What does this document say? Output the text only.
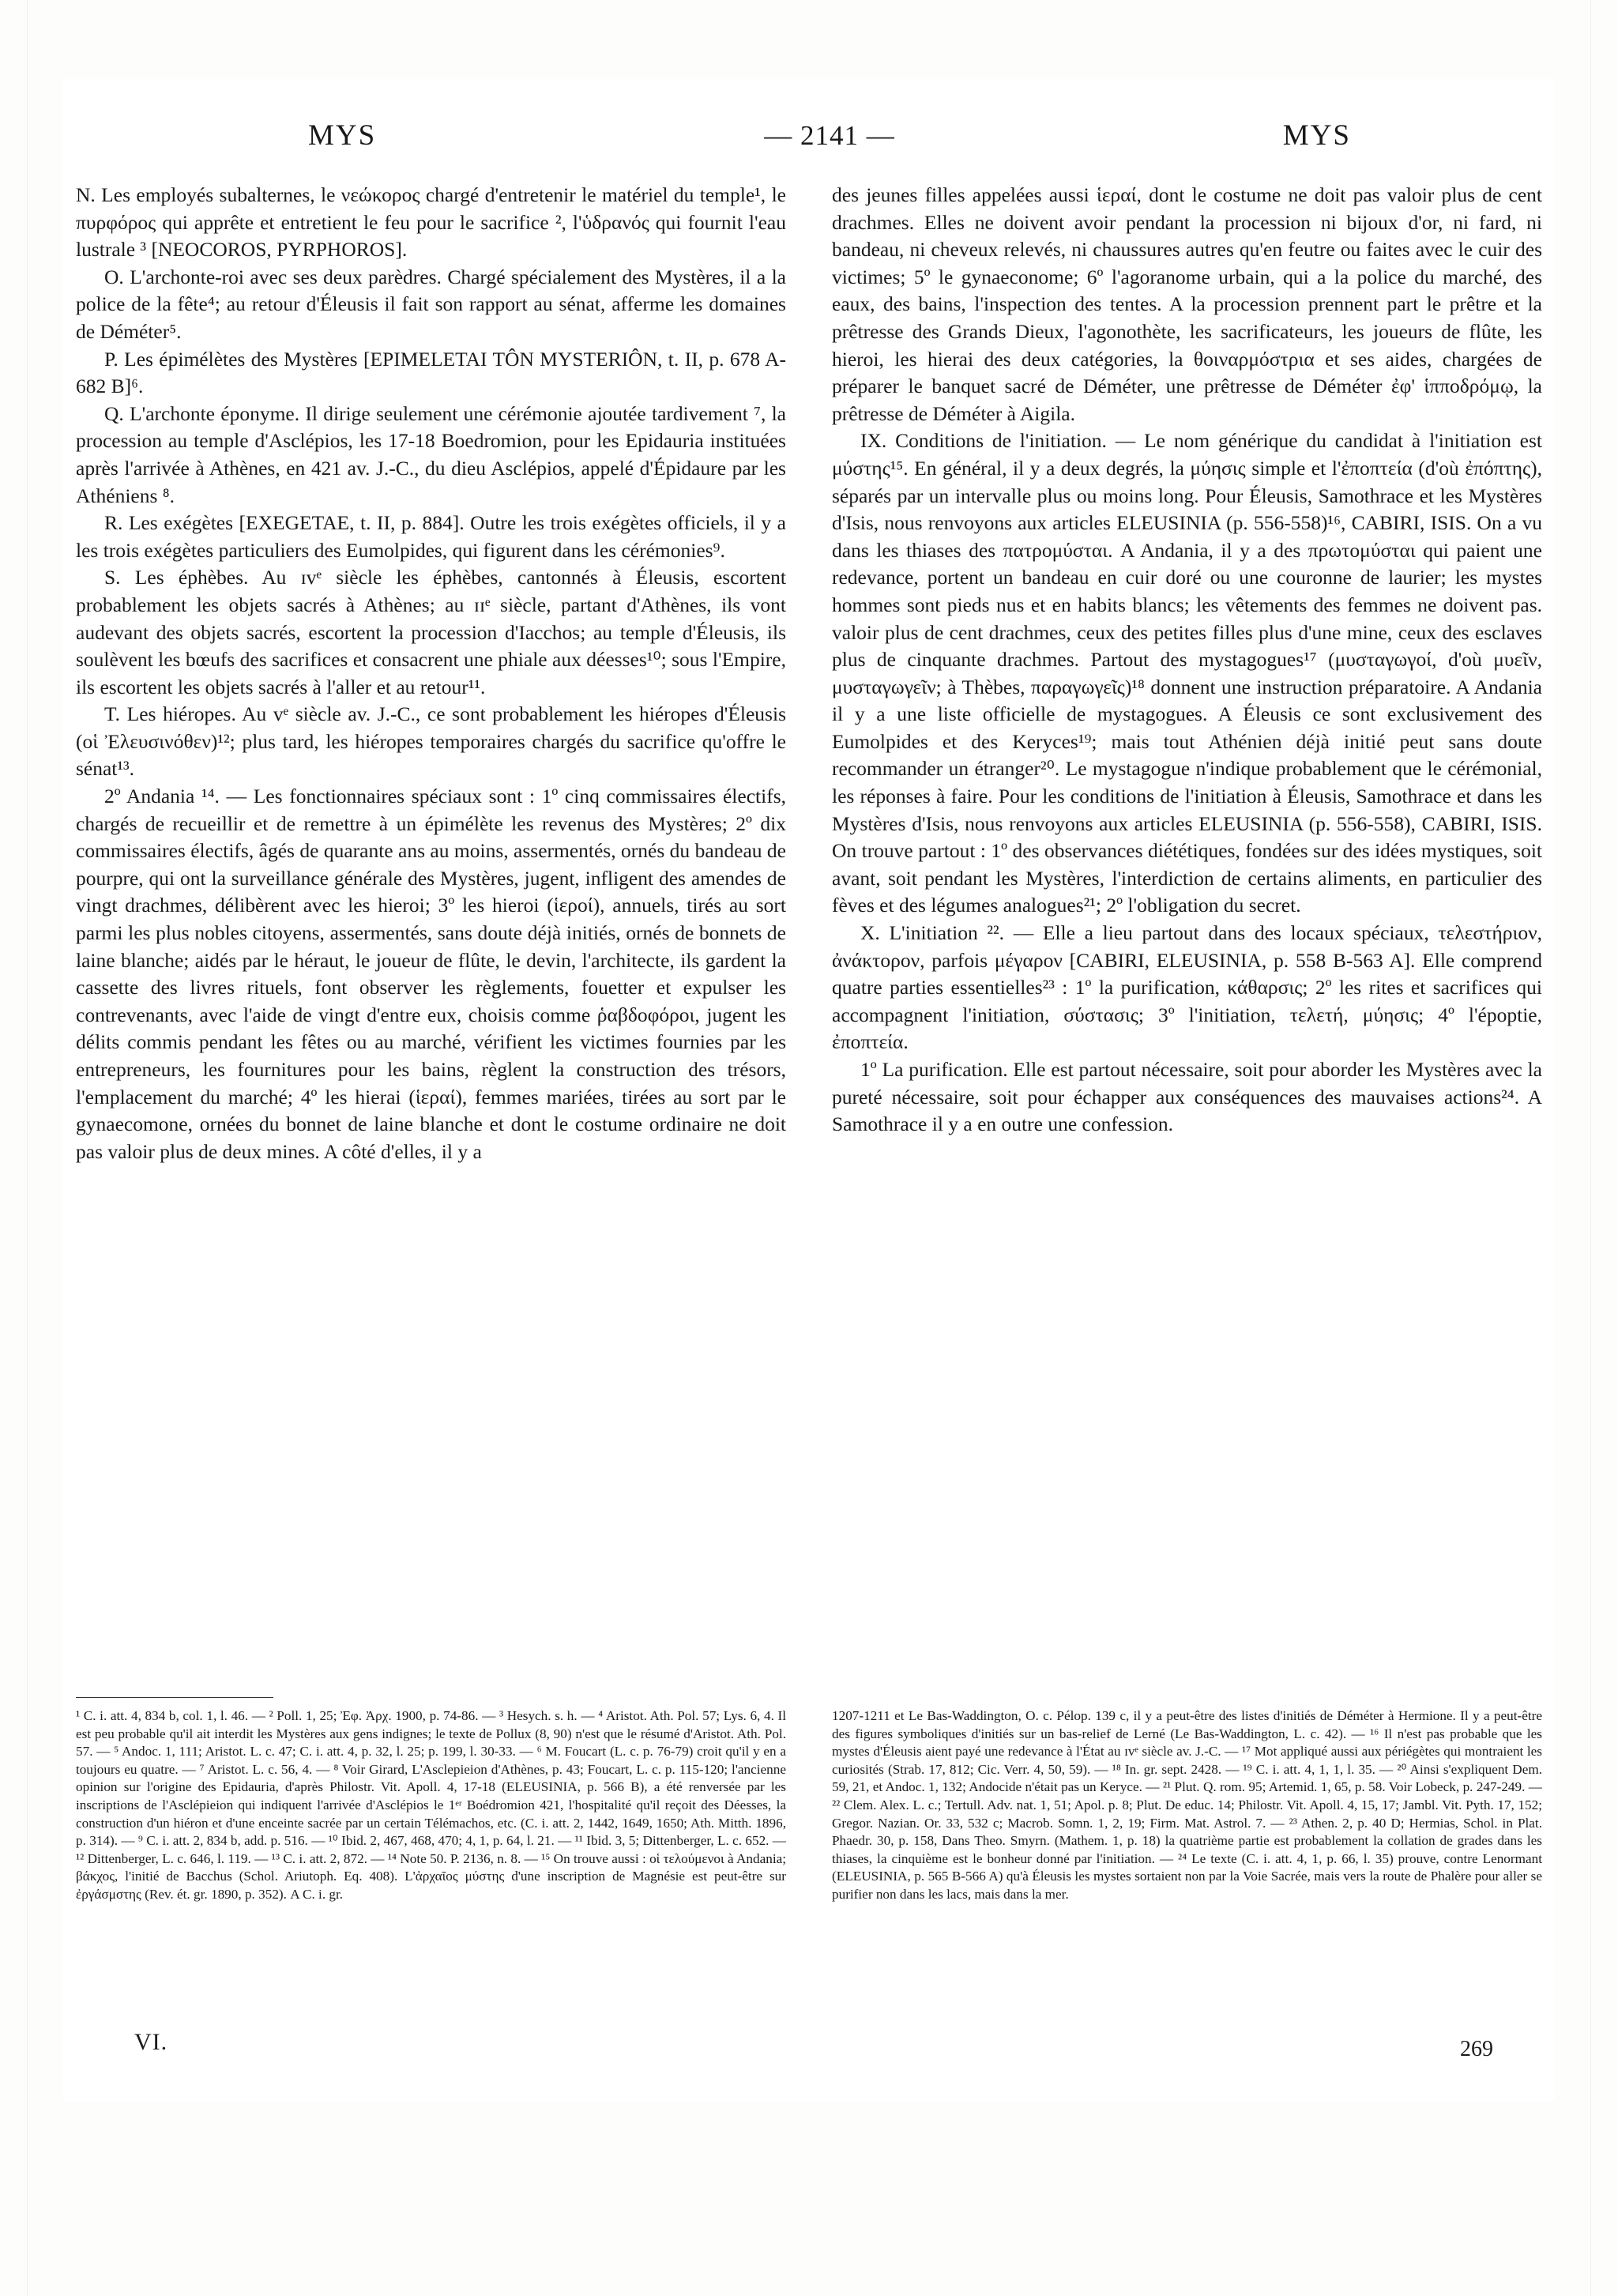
MYS	— 2141 —	MYS

N. Les employés subalternes, le νεώκορος chargé d'entretenir le matériel du temple¹, le πυρφόρος qui apprête et entretient le feu pour le sacrifice ², l'ὑδρανός qui fournit l'eau lustrale ³ [NEOCOROS, PYRPHOROS].

O. L'archonte-roi avec ses deux parèdres. Chargé spécialement des Mystères, il a la police de la fête⁴; au retour d'Éleusis il fait son rapport au sénat, afferme les domaines de Déméter⁵.

P. Les épimélètes des Mystères [EPIMELETAI TÔN MYSTERIÔN, t. II, p. 678 A-682 B]⁶.

Q. L'archonte éponyme. Il dirige seulement une cérémonie ajoutée tardivement ⁷, la procession au temple d'Asclépios, les 17-18 Boedromion, pour les Epidauria instituées après l'arrivée à Athènes, en 421 av. J.-C., du dieu Asclépios, appelé d'Épidaure par les Athéniens ⁸.

R. Les exégètes [EXEGETAE, t. II, p. 884]. Outre les trois exégètes officiels, il y a les trois exégètes particuliers des Eumolpides, qui figurent dans les cérémonies⁹.

S. Les éphèbes. Au ɪᴠᵉ siècle les éphèbes, cantonnés à Éleusis, escortent probablement les objets sacrés à Athènes; au ɪɪᵉ siècle, partant d'Athènes, ils vont audevant des objets sacrés, escortent la procession d'Iacchos; au temple d'Éleusis, ils soulèvent les bœufs des sacrifices et consacrent une phiale aux déesses¹⁰; sous l'Empire, ils escortent les objets sacrés à l'aller et au retour¹¹.

T. Les hiéropes. Au ᴠᵉ siècle av. J.-C., ce sont probablement les hiéropes d'Éleusis (οἱ Ἐλευσινόθεν)¹²; plus tard, les hiéropes temporaires chargés du sacrifice qu'offre le sénat¹³.

2º Andania ¹⁴. — Les fonctionnaires spéciaux sont : 1º cinq commissaires électifs, chargés de recueillir et de remettre à un épimélète les revenus des Mystères; 2º dix commissaires électifs, âgés de quarante ans au moins, assermentés, ornés du bandeau de pourpre, qui ont la surveillance générale des Mystères, jugent, infligent des amendes de vingt drachmes, délibèrent avec les hieroi; 3º les hieroi (ἱεροί), annuels, tirés au sort parmi les plus nobles citoyens, assermentés, sans doute déjà initiés, ornés de bonnets de laine blanche; aidés par le héraut, le joueur de flûte, le devin, l'architecte, ils gardent la cassette des livres rituels, font observer les règlements, fouetter et expulser les contrevenants, avec l'aide de vingt d'entre eux, choisis comme ῥαβδοφόροι, jugent les délits commis pendant les fêtes ou au marché, vérifient les victimes fournies par les entrepreneurs, les fournitures pour les bains, règlent la construction des trésors, l'emplacement du marché; 4º les hierai (ἱεραί), femmes mariées, tirées au sort par le gynaecomone, ornées du bonnet de laine blanche et dont le costume ordinaire ne doit pas valoir plus de deux mines. A côté d'elles, il y a

des jeunes filles appelées aussi ἱεραί, dont le costume ne doit pas valoir plus de cent drachmes. Elles ne doivent avoir pendant la procession ni bijoux d'or, ni fard, ni bandeau, ni cheveux relevés, ni chaussures autres qu'en feutre ou faites avec le cuir des victimes; 5º le gynaeconome; 6º l'agoranome urbain, qui a la police du marché, des eaux, des bains, l'inspection des tentes. A la procession prennent part le prêtre et la prêtresse des Grands Dieux, l'agonothète, les sacrificateurs, les joueurs de flûte, les hieroi, les hierai des deux catégories, la θοιναρμόστρια et ses aides, chargées de préparer le banquet sacré de Déméter, une prêtresse de Déméter ἐφ' ἱπποδρόμῳ, la prêtresse de Déméter à Aigila.

IX. Conditions de l'initiation. — Le nom générique du candidat à l'initiation est μύστης¹⁵. En général, il y a deux degrés, la μύησις simple et l'ἐποπτεία (d'où ἐπόπτης), séparés par un intervalle plus ou moins long. Pour Éleusis, Samothrace et les Mystères d'Isis, nous renvoyons aux articles ELEUSINIA (p. 556-558)¹⁶, CABIRI, ISIS. On a vu dans les thiases des πατρομύσται. A Andania, il y a des πρωτομύσται qui paient une redevance, portent un bandeau en cuir doré ou une couronne de laurier; les mystes hommes sont pieds nus et en habits blancs; les vêtements des femmes ne doivent pas. valoir plus de cent drachmes, ceux des petites filles plus d'une mine, ceux des esclaves plus de cinquante drachmes. Partout des mystagogues¹⁷ (μυσταγωγοί, d'où μυεῖν, μυσταγωγεῖν; à Thèbes, παραγωγεῖς)¹⁸ donnent une instruction préparatoire. A Andania il y a une liste officielle de mystagogues. A Éleusis ce sont exclusivement des Eumolpides et des Keryces¹⁹; mais tout Athénien déjà initié peut sans doute recommander un étranger²⁰. Le mystagogue n'indique probablement que le cérémonial, les réponses à faire. Pour les conditions de l'initiation à Éleusis, Samothrace et dans les Mystères d'Isis, nous renvoyons aux articles ELEUSINIA (p. 556-558), CABIRI, ISIS. On trouve partout : 1º des observances diététiques, fondées sur des idées mystiques, soit avant, soit pendant les Mystères, l'interdiction de certains aliments, en particulier des fèves et des légumes analogues²¹; 2º l'obligation du secret.

X. L'initiation ²². — Elle a lieu partout dans des locaux spéciaux, τελεστήριον, ἀνάκτορον, parfois μέγαρον [CABIRI, ELEUSINIA, p. 558 B-563 A]. Elle comprend quatre parties essentielles²³ : 1º la purification, κάθαρσις; 2º les rites et sacrifices qui accompagnent l'initiation, σύστασις; 3º l'initiation, τελετή, μύησις; 4º l'époptie, ἐποπτεία.

1º La purification. Elle est partout nécessaire, soit pour aborder les Mystères avec la pureté nécessaire, soit pour échapper aux conséquences des mauvaises actions²⁴. A Samothrace il y a en outre une confession.

¹ C. i. att. 4, 834 b, col. 1, l. 46. — ² Poll. 1, 25; Ἐφ. Ἀρχ. 1900, p. 74-86. — ³ Hesych. s. h. — ⁴ Aristot. Ath. Pol. 57; Lys. 6, 4. Il est peu probable qu'il ait interdit les Mystères aux gens indignes; le texte de Pollux (8, 90) n'est que le résumé d'Aristot. Ath. Pol. 57. — ⁵ Andoc. 1, 111; Aristot. L. c. 47; C. i. att. 4, p. 32, l. 25; p. 199, l. 30-33. — ⁶ M. Foucart (L. c. p. 76-79) croit qu'il y en a toujours eu quatre. — ⁷ Aristot. L. c. 56, 4. — ⁸ Voir Girard, L'Asclepieion d'Athènes, p. 43; Foucart, L. c. p. 115-120; l'ancienne opinion sur l'origine des Epidauria, d'après Philostr. Vit. Apoll. 4, 17-18 (ELEUSINIA, p. 566 B), a été renversée par les inscriptions de l'Asclépieion qui indiquent l'arrivée d'Asclépios le 1ᵉʳ Boédromion 421, l'hospitalité qu'il reçoit des Déesses, la construction d'un hiéron et d'une enceinte sacrée par un certain Télémachos, etc. (C. i. att. 2, 1442, 1649, 1650; Ath. Mitth. 1896, p. 314). — ⁹ C. i. att. 2, 834 b, add. p. 516. — ¹⁰ Ibid. 2, 467, 468, 470; 4, 1, p. 64, l. 21. — ¹¹ Ibid. 3, 5; Dittenberger, L. c. 652. — ¹² Dittenberger, L. c. 646, l. 119. — ¹³ C. i. att. 2, 872. — ¹⁴ Note 50. P. 2136, n. 8. — ¹⁵ On trouve aussi : οἱ τελούμενοι à Andania; βάκχος, l'initié de Bacchus (Schol. Ariutoph. Eq. 408). L'ἀρχαῖος μύστης d'une inscription de Magnésie est peut-être sur ἐργάσμστης (Rev. ét. gr. 1890, p. 352). A C. i. gr.

1207-1211 et Le Bas-Waddington, O. c. Pélop. 139 c, il y a peut-être des listes d'initiés de Déméter à Hermione. Il y a peut-être des figures symboliques d'initiés sur un bas-relief de Lerné (Le Bas-Waddington, L. c. 42). — ¹⁶ Il n'est pas probable que les mystes d'Éleusis aient payé une redevance à l'État au ɪᴠᵉ siècle av. J.-C. — ¹⁷ Mot appliqué aussi aux périégètes qui montraient les curiosités (Strab. 17, 812; Cic. Verr. 4, 50, 59). — ¹⁸ In. gr. sept. 2428. — ¹⁹ C. i. att. 4, 1, 1, l. 35. — ²⁰ Ainsi s'expliquent Dem. 59, 21, et Andoc. 1, 132; Andocide n'était pas un Keryce. — ²¹ Plut. Q. rom. 95; Artemid. 1, 65, p. 58. Voir Lobeck, p. 247-249. — ²² Clem. Alex. L. c.; Tertull. Adv. nat. 1, 51; Apol. p. 8; Plut. De educ. 14; Philostr. Vit. Apoll. 4, 15, 17; Jambl. Vit. Pyth. 17, 152; Gregor. Nazian. Or. 33, 532 c; Macrob. Somn. 1, 2, 19; Firm. Mat. Astrol. 7. — ²³ Athen. 2, p. 40 D; Hermias, Schol. in Plat. Phaedr. 30, p. 158, Dans Theo. Smyrn. (Mathem. 1, p. 18) la quatrième partie est probablement la collation de grades dans les thiases, la cinquième est le bonheur donné par l'initiation. — ²⁴ Le texte (C. i. att. 4, 1, p. 66, l. 35) prouve, contre Lenormant (ELEUSINIA, p. 565 B-566 A) qu'à Éleusis les mystes sortaient non par la Voie Sacrée, mais vers la route de Phalère pour aller se purifier non dans les lacs, mais dans la mer.

VI.	269
